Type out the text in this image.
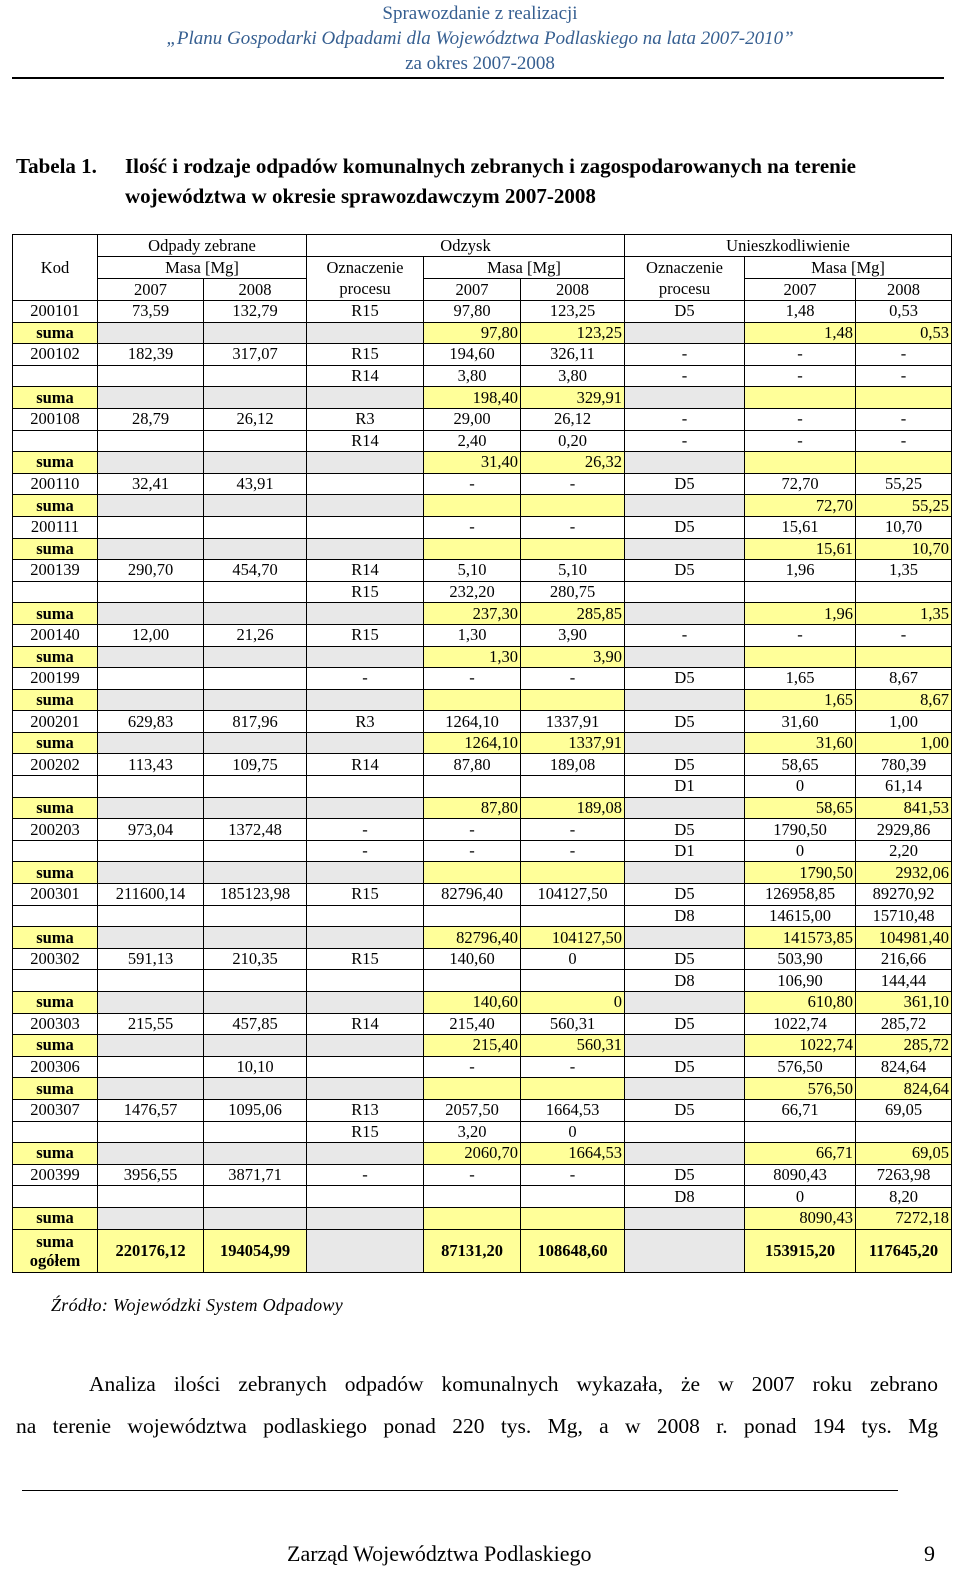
Sprawozdanie z realizacji
„Planu Gospodarki Odpadami dla Województwa Podlaskiego na lata 2007-2010”
za okres 2007-2008
Tabela 1. Ilość i rodzaje odpadów komunalnych zebranych i zagospodarowanych na terenie województwa w okresie sprawozdawczym 2007-2008
Kod	Odpady zebrane		Odzysk			Unieszkodliwienie		
	Masa [Mg]		Oznaczenie	Masa [Mg]		Oznaczenie	Masa [Mg]	
	2007	2008	procesu	2007	2008	procesu	2007	2008
200101	73,59	132,79	R15	97,80	123,25	D5	1,48	0,53
suma				97,80	123,25		1,48	0,53
200102	182,39	317,07	R15	194,60	326,11	-	-	-
			R14	3,80	3,80	-	-	-
suma				198,40	329,91			
200108	28,79	26,12	R3	29,00	26,12	-	-	-
			R14	2,40	0,20	-	-	-
suma				31,40	26,32			
200110	32,41	43,91		-	-	D5	72,70	55,25
suma							72,70	55,25
200111				-	-	D5	15,61	10,70
suma							15,61	10,70
200139	290,70	454,70	R14	5,10	5,10	D5	1,96	1,35
			R15	232,20	280,75			
suma				237,30	285,85		1,96	1,35
200140	12,00	21,26	R15	1,30	3,90	-	-	-
suma				1,30	3,90			
200199			-	-	-	D5	1,65	8,67
suma							1,65	8,67
200201	629,83	817,96	R3	1264,10	1337,91	D5	31,60	1,00
suma				1264,10	1337,91		31,60	1,00
200202	113,43	109,75	R14	87,80	189,08	D5	58,65	780,39
						D1	0	61,14
suma				87,80	189,08		58,65	841,53
200203	973,04	1372,48	-	-	-	D5	1790,50	2929,86
			-	-	-	D1	0	2,20
suma							1790,50	2932,06
200301	211600,14	185123,98	R15	82796,40	104127,50	D5	126958,85	89270,92
						D8	14615,00	15710,48
suma				82796,40	104127,50		141573,85	104981,40
200302	591,13	210,35	R15	140,60	0	D5	503,90	216,66
						D8	106,90	144,44
suma				140,60	0		610,80	361,10
200303	215,55	457,85	R14	215,40	560,31	D5	1022,74	285,72
suma				215,40	560,31		1022,74	285,72
200306		10,10		-	-	D5	576,50	824,64
suma							576,50	824,64
200307	1476,57	1095,06	R13	2057,50	1664,53	D5	66,71	69,05
			R15	3,20	0			
suma				2060,70	1664,53		66,71	69,05
200399	3956,55	3871,71	-	-	-	D5	8090,43	7263,98
						D8	0	8,20
suma							8090,43	7272,18

suma
ogółem	220176,12	194054,99		87131,20	108648,60		153915,20	117645,20
Źródło: Wojewódzki System Odpadowy
Analiza ilości zebranych odpadów komunalnych wykazała, że w 2007 roku zebrano
na terenie województwa podlaskiego ponad 220 tys. Mg, a w 2008 r. ponad 194 tys. Mg
Zarząd Województwa Podlaskiego	9
